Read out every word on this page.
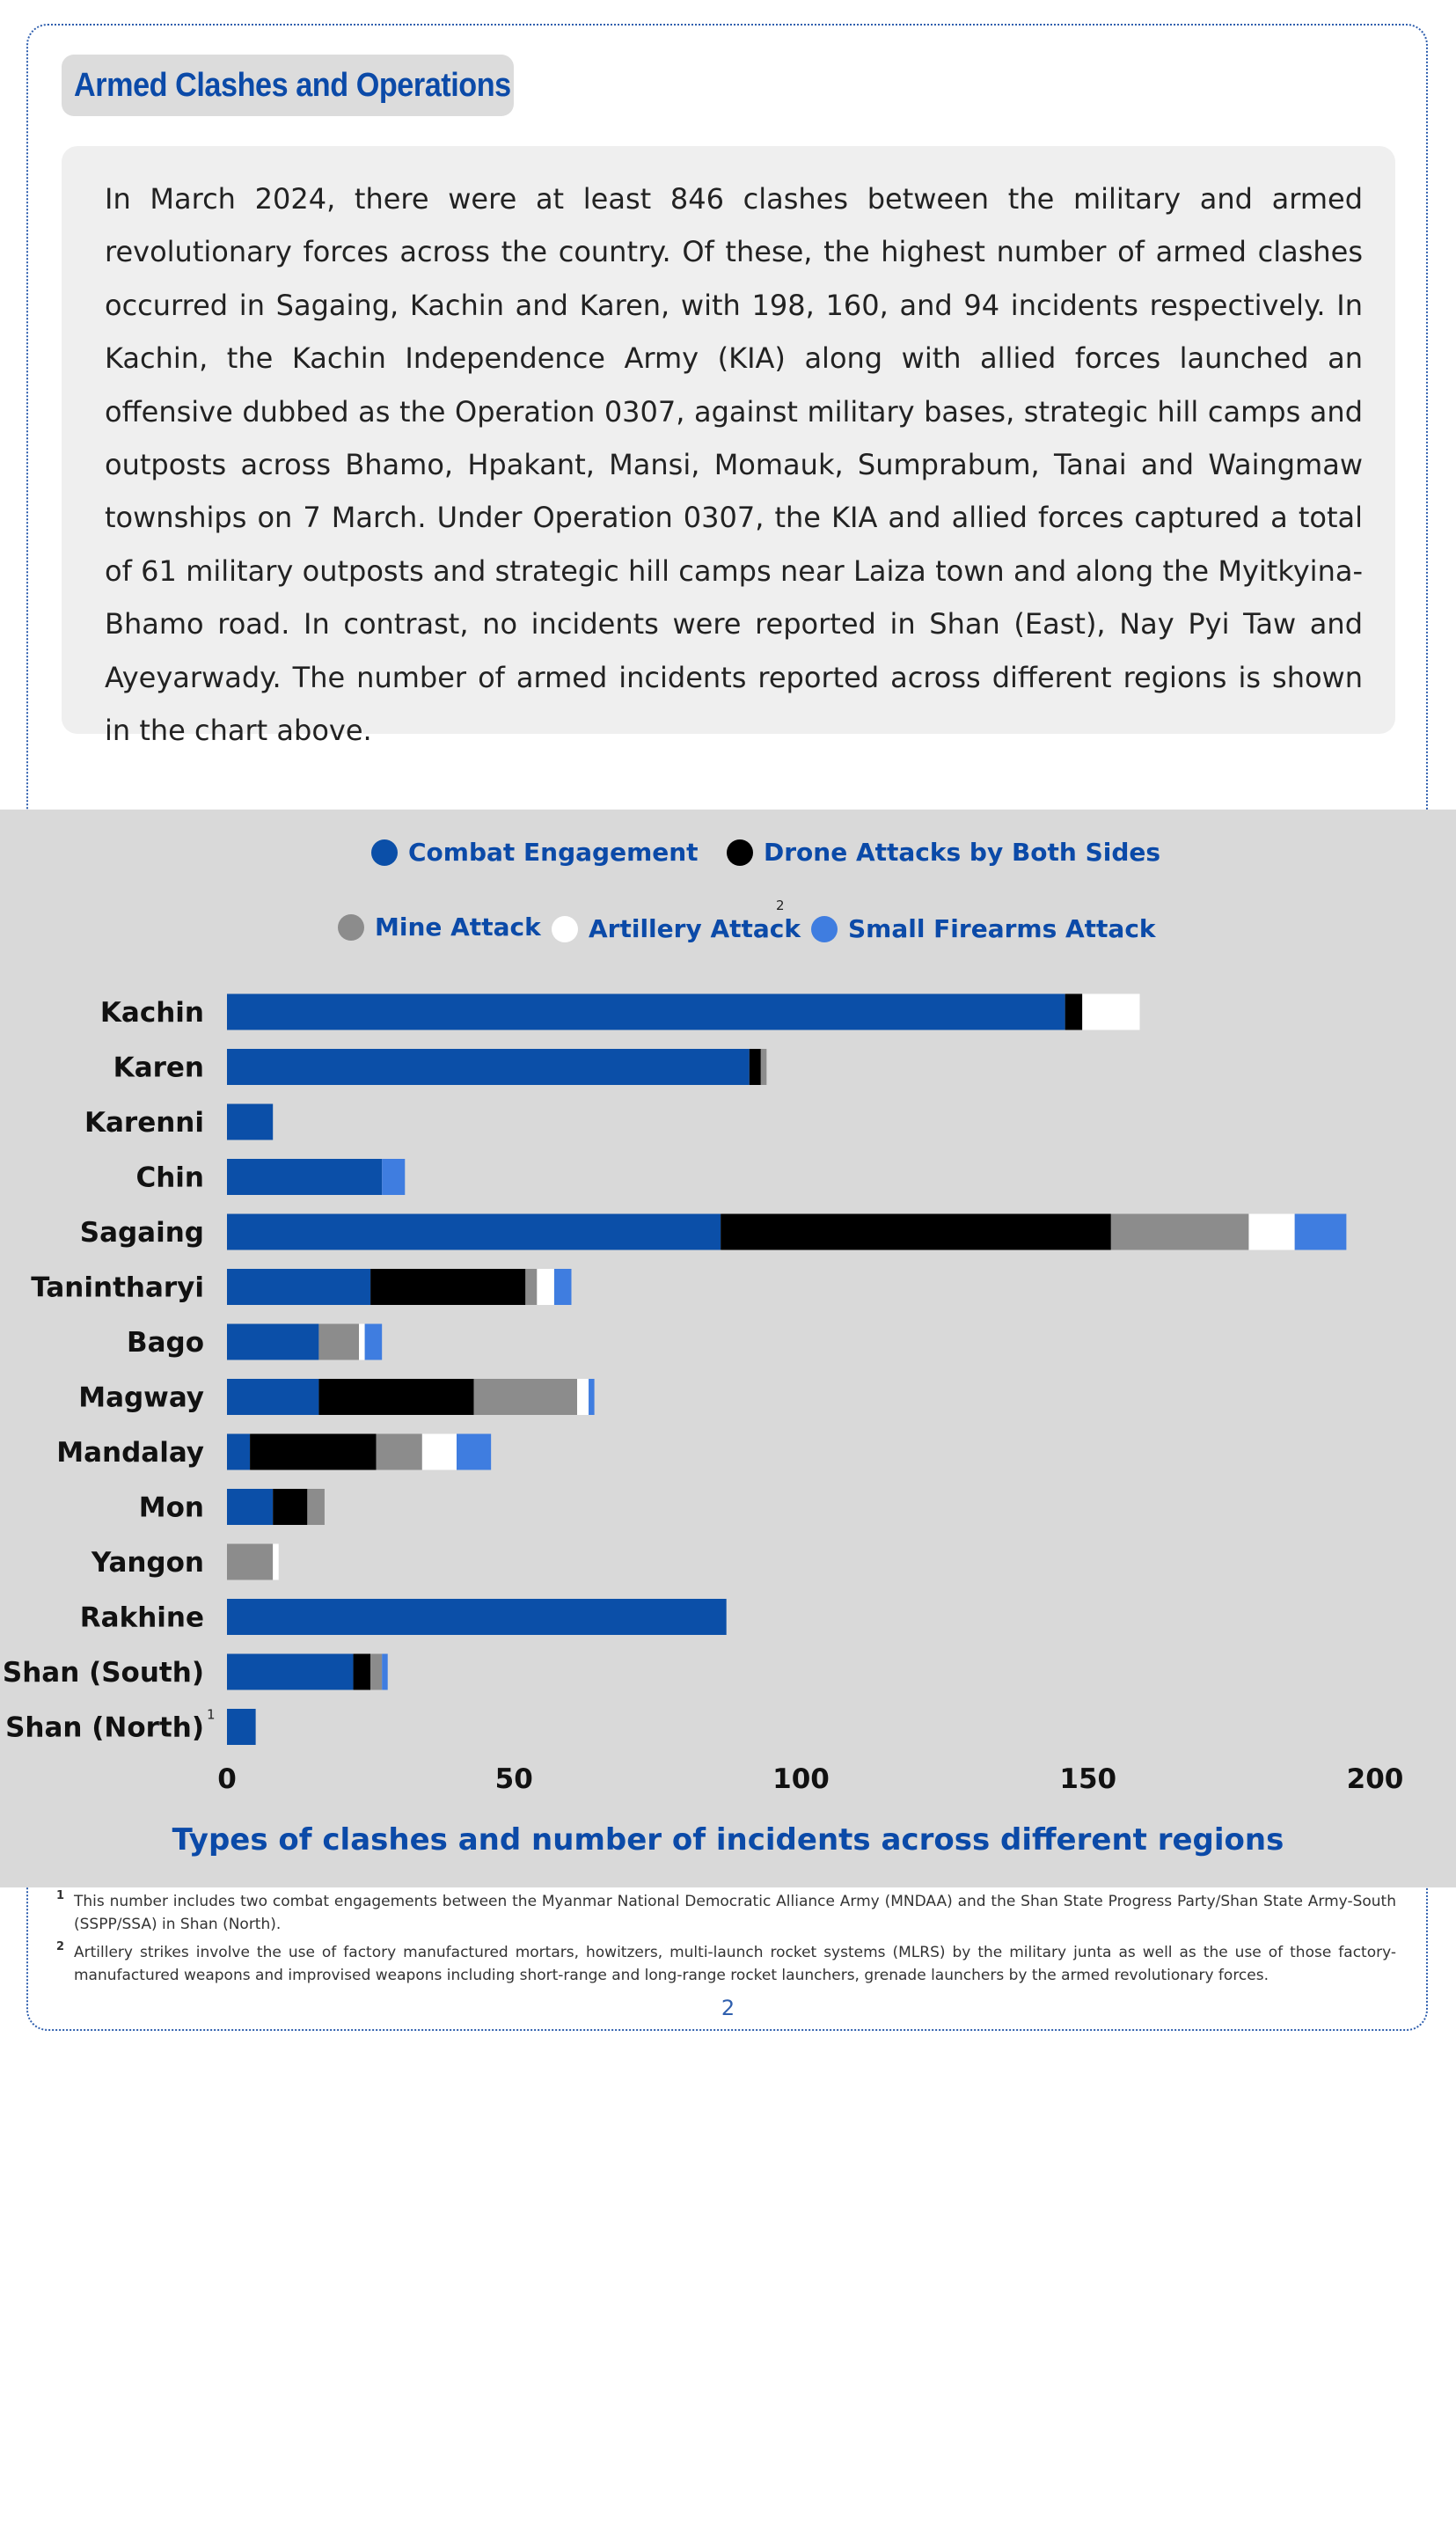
Armed Clashes and Operations

In March 2024, there were at least 846 clashes between the military and armed revolutionary forces across the country. Of these, the highest number of armed clashes occurred in Sagaing, Kachin and Karen, with 198, 160, and 94 incidents respectively. In Kachin, the Kachin Independence Army (KIA) along with allied forces launched an offensive dubbed as the Operation 0307, against military bases, strategic hill camps and outposts across Bhamo, Hpakant, Mansi, Momauk, Sumprabum, Tanai and Waingmaw townships on 7 March. Under Operation 0307, the KIA and allied forces captured a total of 61 military outposts and strategic hill camps near Laiza town and along the Myitkyina-Bhamo road. In contrast, no incidents were reported in Shan (East), Nay Pyi Taw and Ayeyarwady. The number of armed incidents reported across different regions is shown in the chart above.

Combat Engagement	Drone Attacks by Both Sides
Mine Attack Artillery Attack
2
Small Firearms Attack
Kachin
Karen
Karenni
Chin
Sagaing
Tanintharyi
Bago
Magway
Mandalay
Mon
Yangon
Rakhine
Shan (South)
Shan (North) 1
0	50	100	150	200
Types of clashes and number of incidents across different regions
NLTA
NYAN LYNN THIT ANALYTICA

1 This number includes two combat engagements between the Myanmar National Democratic Alliance Army (MNDAA) and the Shan State Progress Party/Shan State Army-South (SSPP/SSA) in Shan (North).

2 Artillery strikes involve the use of factory manufactured mortars, howitzers, multi-launch rocket systems (MLRS) by the military junta as well as the use of those factory-manufactured weapons and improvised weapons including short-range and long-range rocket launchers, grenade launchers by the armed revolutionary forces.

2
